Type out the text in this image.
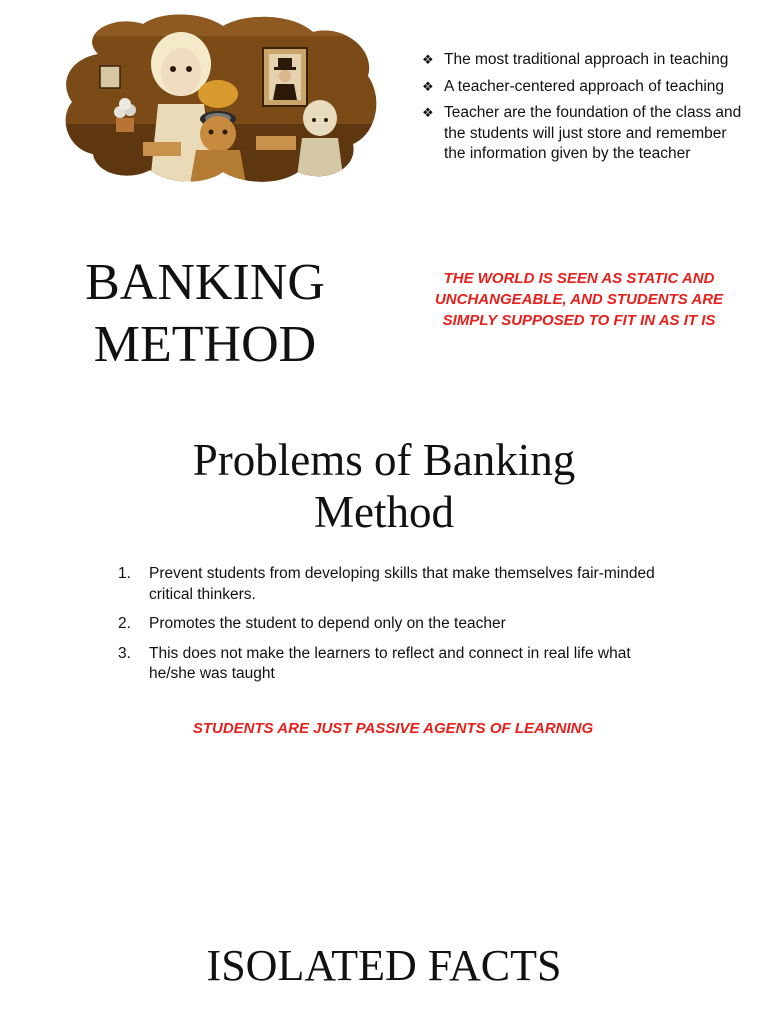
❖ The most traditional approach in teaching
❖ A teacher-centered approach of teaching
❖ Teacher are the foundation of the class and the students will just store and remember the information given by the teacher
BANKING
METHOD

THE WORLD IS SEEN AS STATIC AND UNCHANGEABLE, AND STUDENTS ARE SIMPLY SUPPOSED TO FIT IN AS IT IS

Problems of Banking
Method
1. Prevent students from developing skills that make themselves fair-minded critical thinkers.
2. Promotes the student to depend only on the teacher
3. This does not make the learners to reflect and connect in real life what he/she was taught

STUDENTS ARE JUST PASSIVE AGENTS OF LEARNING

ISOLATED FACTS
